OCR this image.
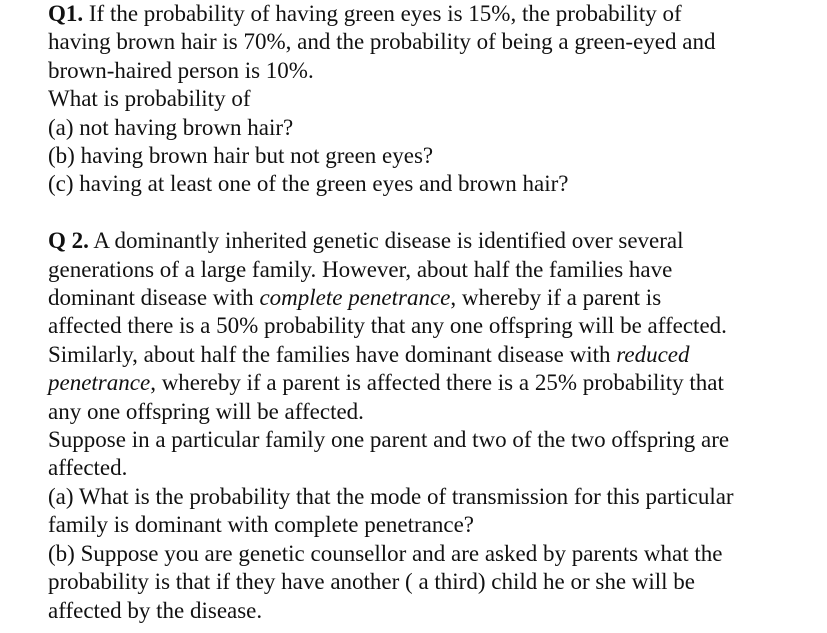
Q1. If the probability of having green eyes is 15%, the probability of
having brown hair is 70%, and the probability of being a green-eyed and
brown-haired person is 10%.
What is probability of
(a) not having brown hair?
(b) having brown hair but not green eyes?
(c) having at least one of the green eyes and brown hair?
Q 2. A dominantly inherited genetic disease is identified over several
generations of a large family. However, about half the families have
dominant disease with complete penetrance, whereby if a parent is
affected there is a 50% probability that any one offspring will be affected.
Similarly, about half the families have dominant disease with reduced
penetrance, whereby if a parent is affected there is a 25% probability that
any one offspring will be affected.
Suppose in a particular family one parent and two of the two offspring are
affected.
(a) What is the probability that the mode of transmission for this particular
family is dominant with complete penetrance?
(b) Suppose you are genetic counsellor and are asked by parents what the
probability is that if they have another ( a third) child he or she will be
affected by the disease.
